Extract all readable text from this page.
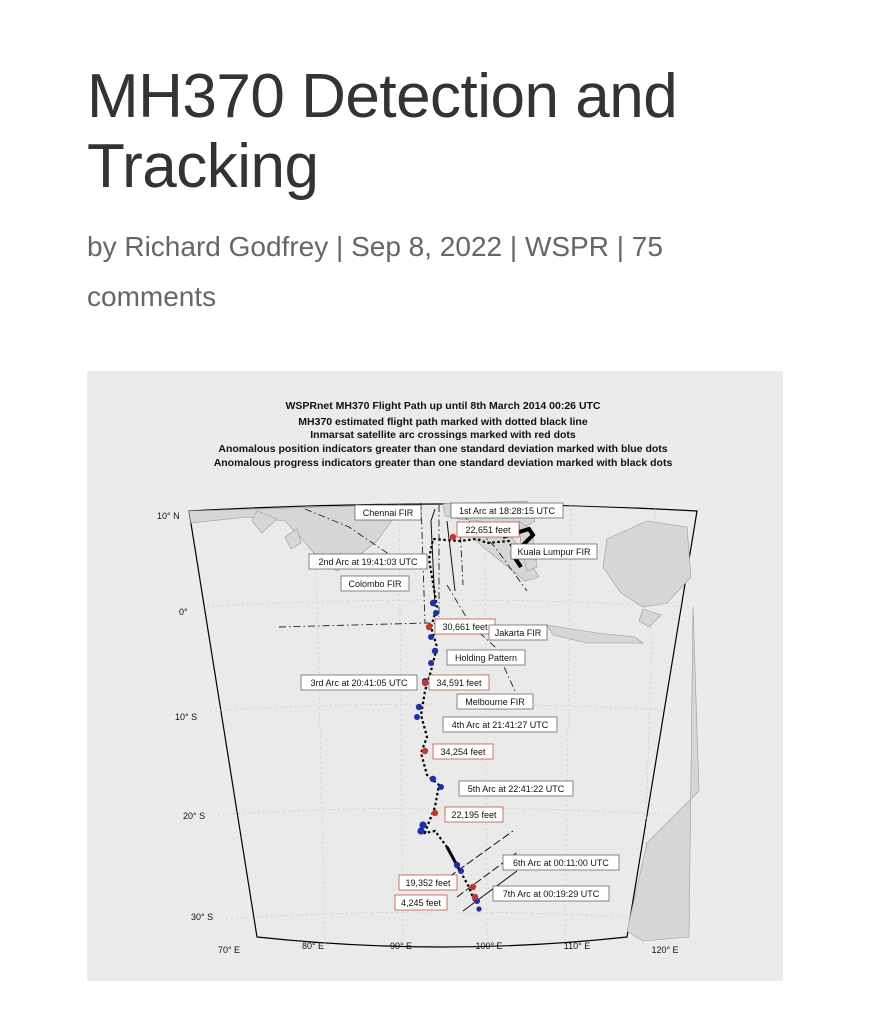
MH370 Detection and Tracking

by Richard Godfrey | Sep 8, 2022 | WSPR | 75 comments

WSPRnet MH370 Flight Path up until 8th March 2014 00:26 UTC
MH370 estimated flight path marked with dotted black line
Inmarsat satellite arc crossings marked with red dots
Anomalous position indicators greater than one standard deviation marked with blue dots
Anomalous progress indicators greater than one standard deviation marked with black dots
Chennai FIR	1st Arc at 18:28:15 UTC
22,651 feet
Kuala Lumpur FIR
2nd Arc at 19:41:03 UTC
Colombo FIR
30,661 feet
Jakarta FIR
Holding Pattern
3rd Arc at 20:41:05 UTC	34,591 feet
Melbourne FIR
4th Arc at 21:41:27 UTC
34,254 feet
5th Arc at 22:41:22 UTC
22,195 feet
6th Arc at 00:11:00 UTC
19,352 feet
7th Arc at 00:19:29 UTC
4,245 feet
10° N
0°
10° S
20° S
30° S
70° E	80° E	90° E	100° E	110° E	120° E
